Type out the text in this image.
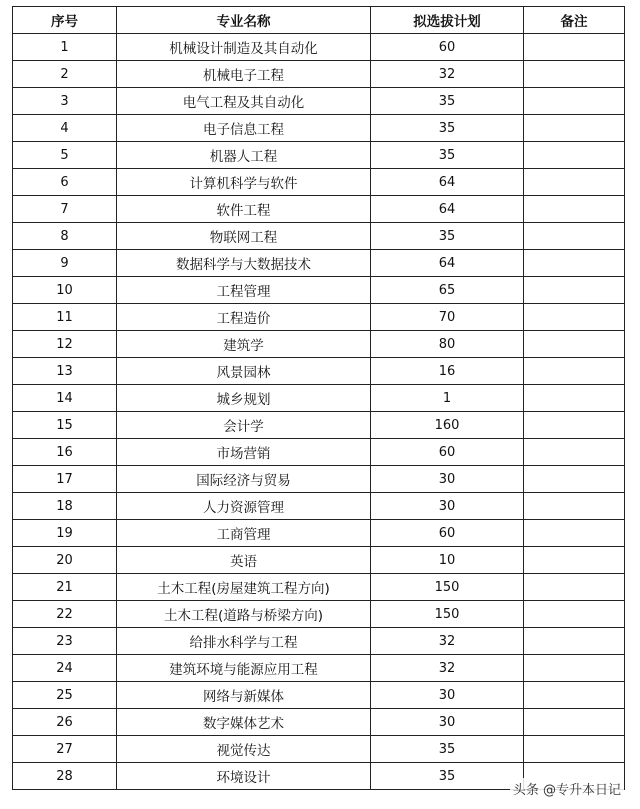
序号	专业名称	拟选拔计划	备注
1	机械设计制造及其自动化	60	
2	机械电子工程	32	
3	电气工程及其自动化	35	
4	电子信息工程	35	
5	机器人工程	35	
6	计算机科学与软件	64	
7	软件工程	64	
8	物联网工程	35	
9	数据科学与大数据技术	64	
10	工程管理	65	
11	工程造价	70	
12	建筑学	80	
13	风景园林	16	
14	城乡规划	1	
15	会计学	160	
16	市场营销	60	
17	国际经济与贸易	30	
18	人力资源管理	30	
19	工商管理	60	
20	英语	10	
21	土木工程(房屋建筑工程方向)	150	
22	土木工程(道路与桥梁方向)	150	
23	给排水科学与工程	32	
24	建筑环境与能源应用工程	32	
25	网络与新媒体	30	
26	数字媒体艺术	30	
27	视觉传达	35	
28	环境设计	35	
头条 @专升本日记
